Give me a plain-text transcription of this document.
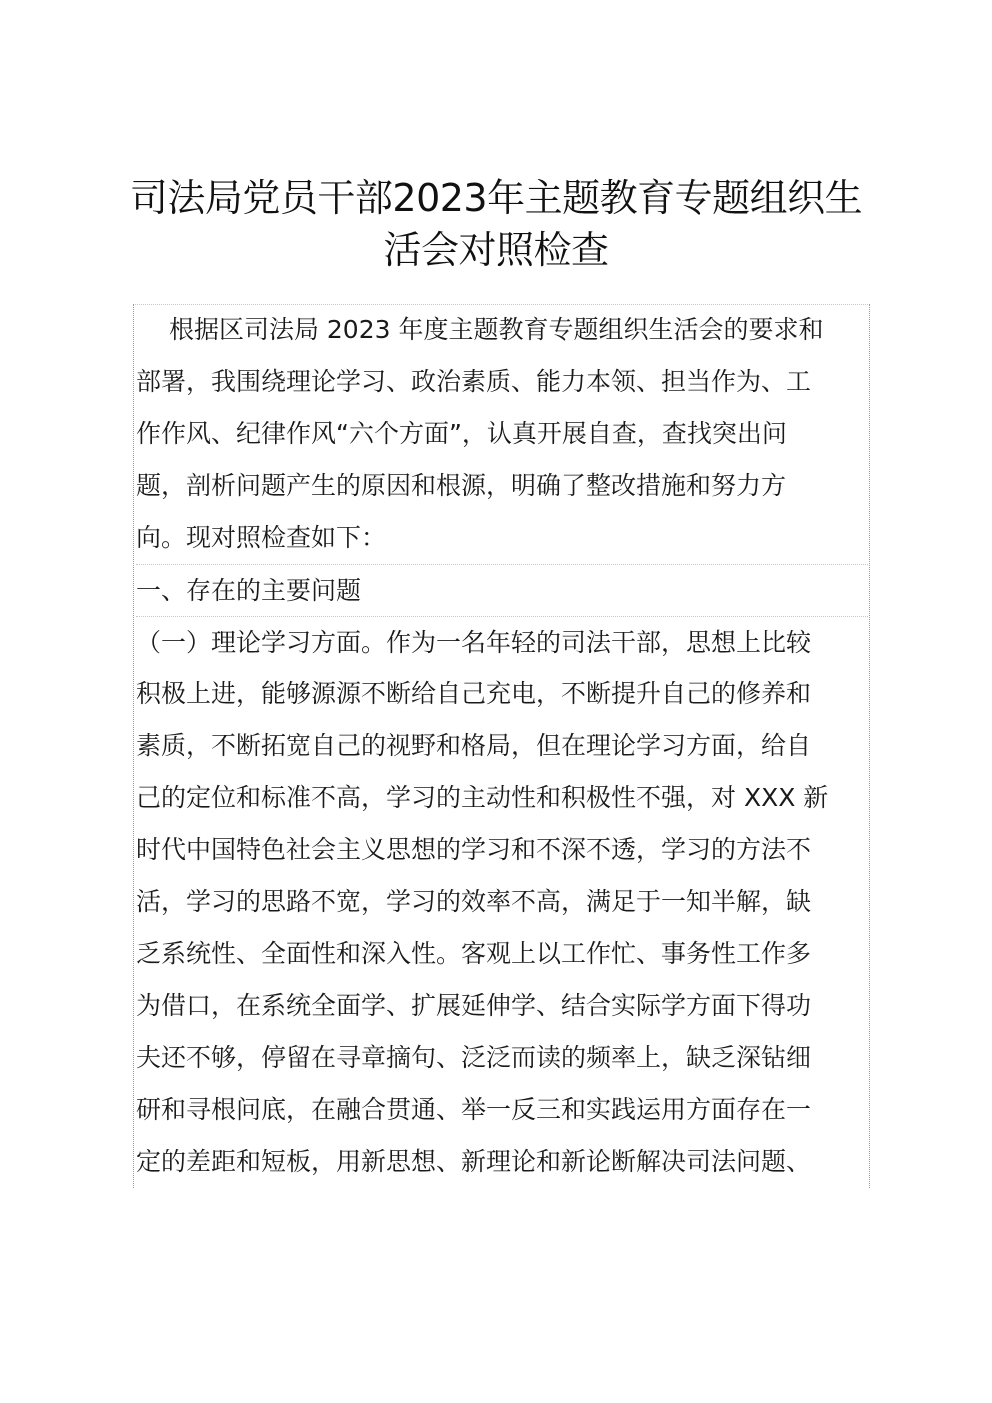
司法局党员干部2023年主题教育专题组织生
活会对照检查
　 根据区司法局 2023 年度主题教育专题组织生活会的要求和
部署，我围绕理论学习、政治素质、能力本领、担当作为、工
作作风、纪律作风“六个方面”，认真开展自查，查找突出问
题，剖析问题产生的原因和根源，明确了整改措施和努力方
向。现对照检查如下：
一、存在的主要问题
（一）理论学习方面。作为一名年轻的司法干部，思想上比较
积极上进，能够源源不断给自己充电，不断提升自己的修养和
素质，不断拓宽自己的视野和格局，但在理论学习方面，给自
己的定位和标准不高，学习的主动性和积极性不强，对 XXX 新
时代中国特色社会主义思想的学习和不深不透，学习的方法不
活，学习的思路不宽，学习的效率不高，满足于一知半解，缺
乏系统性、全面性和深入性。客观上以工作忙、事务性工作多
为借口，在系统全面学、扩展延伸学、结合实际学方面下得功
夫还不够，停留在寻章摘句、泛泛而读的频率上，缺乏深钻细
研和寻根问底，在融合贯通、举一反三和实践运用方面存在一
定的差距和短板，用新思想、新理论和新论断解决司法问题、
